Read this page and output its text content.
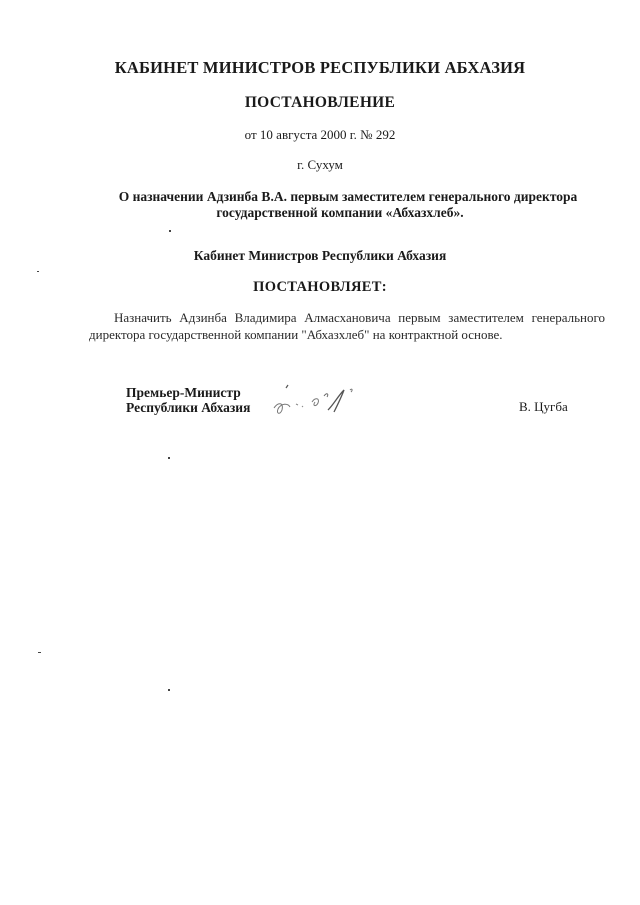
КАБИНЕТ МИНИСТРОВ РЕСПУБЛИКИ АБХАЗИЯ
ПОСТАНОВЛЕНИЕ
от 10 августа 2000 г. № 292
г. Сухум
О назначении Адзинба В.А. первым заместителем генерального директора
государственной компании «Абхазхлеб».
Кабинет Министров Республики Абхазия
ПОСТАНОВЛЯЕТ:
Назначить Адзинба Владимира Алмасхановича первым заместителем генерального
директора государственной компании "Абхазхлеб" на контрактной основе.
Премьер-Министр
Республики Абхазия	В. Цугба
